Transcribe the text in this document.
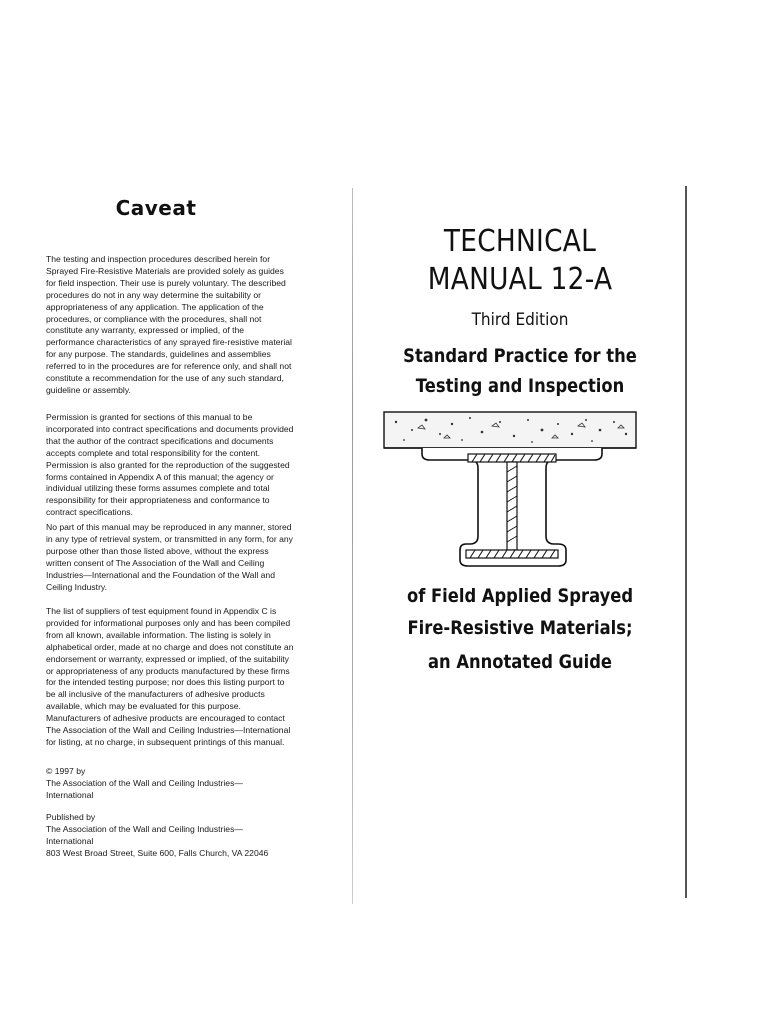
Caveat

The testing and inspection procedures described herein for Sprayed Fire-Resistive Materials are provided solely as guides for field inspection. Their use is purely voluntary. The described procedures do not in any way determine the suitability or appropriateness of any application. The application of the procedures, or compliance with the procedures, shall not constitute any warranty, expressed or implied, of the performance characteristics of any sprayed fire-resistive material for any purpose. The standards, guidelines and assemblies referred to in the procedures are for reference only, and shall not constitute a recommendation for the use of any such standard, guideline or assembly.

Permission is granted for sections of this manual to be incorporated into contract specifications and documents provided that the author of the contract specifications and documents accepts complete and total responsibility for the content. Permission is also granted for the reproduction of the suggested forms contained in Appendix A of this manual; the agency or individual utilizing these forms assumes complete and total responsibility for their appropriateness and conformance to contract specifications.

No part of this manual may be reproduced in any manner, stored in any type of retrieval system, or transmitted in any form, for any purpose other than those listed above, without the express written consent of The Association of the Wall and Ceiling Industries—International and the Foundation of the Wall and Ceiling Industry.

The list of suppliers of test equipment found in Appendix C is provided for informational purposes only and has been compiled from all known, available information. The listing is solely in alphabetical order, made at no charge and does not constitute an endorsement or warranty, expressed or implied, of the suitability or appropriateness of any products manufactured by these firms for the intended testing purpose; nor does this listing purport to be all inclusive of the manufacturers of adhesive products available, which may be evaluated for this purpose. Manufacturers of adhesive products are encouraged to contact The Association of the Wall and Ceiling Industries—International for listing, at no charge, in subsequent printings of this manual.

© 1997 by
The Association of the Wall and Ceiling Industries—
International

Published by
The Association of the Wall and Ceiling Industries—
International
803 West Broad Street, Suite 600, Falls Church, VA 22046

TECHNICAL
MANUAL 12-A
Third Edition
Standard Practice for the
Testing and Inspection
of Field Applied Sprayed
Fire-Resistive Materials;
an Annotated Guide
